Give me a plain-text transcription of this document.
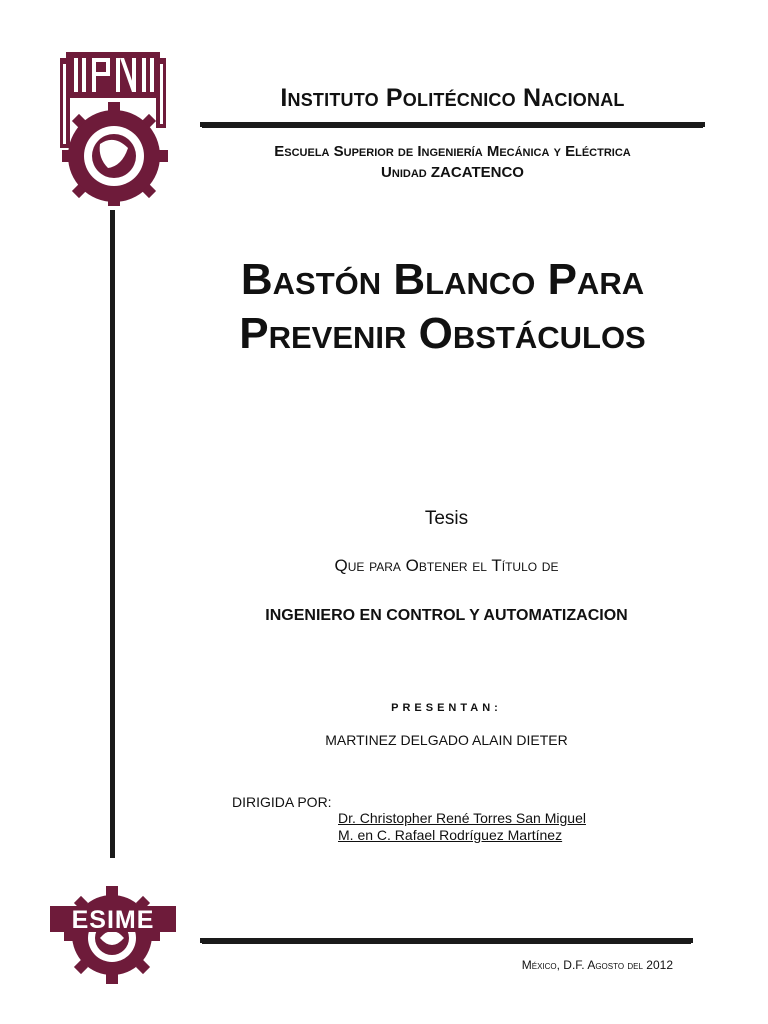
Instituto Politécnico Nacional
Escuela Superior de Ingeniería Mecánica y Eléctrica
Unidad ZACATENCO
Bastón Blanco Para
Prevenir Obstáculos
Tesis
Que para Obtener el Título de
INGENIERO EN CONTROL Y AUTOMATIZACION
PRESENTAN:
MARTINEZ DELGADO ALAIN DIETER
DIRIGIDA POR:
Dr. Christopher René Torres San Miguel
M. en C. Rafael Rodríguez Martínez
ESIME
México, D.F. Agosto del 2012
